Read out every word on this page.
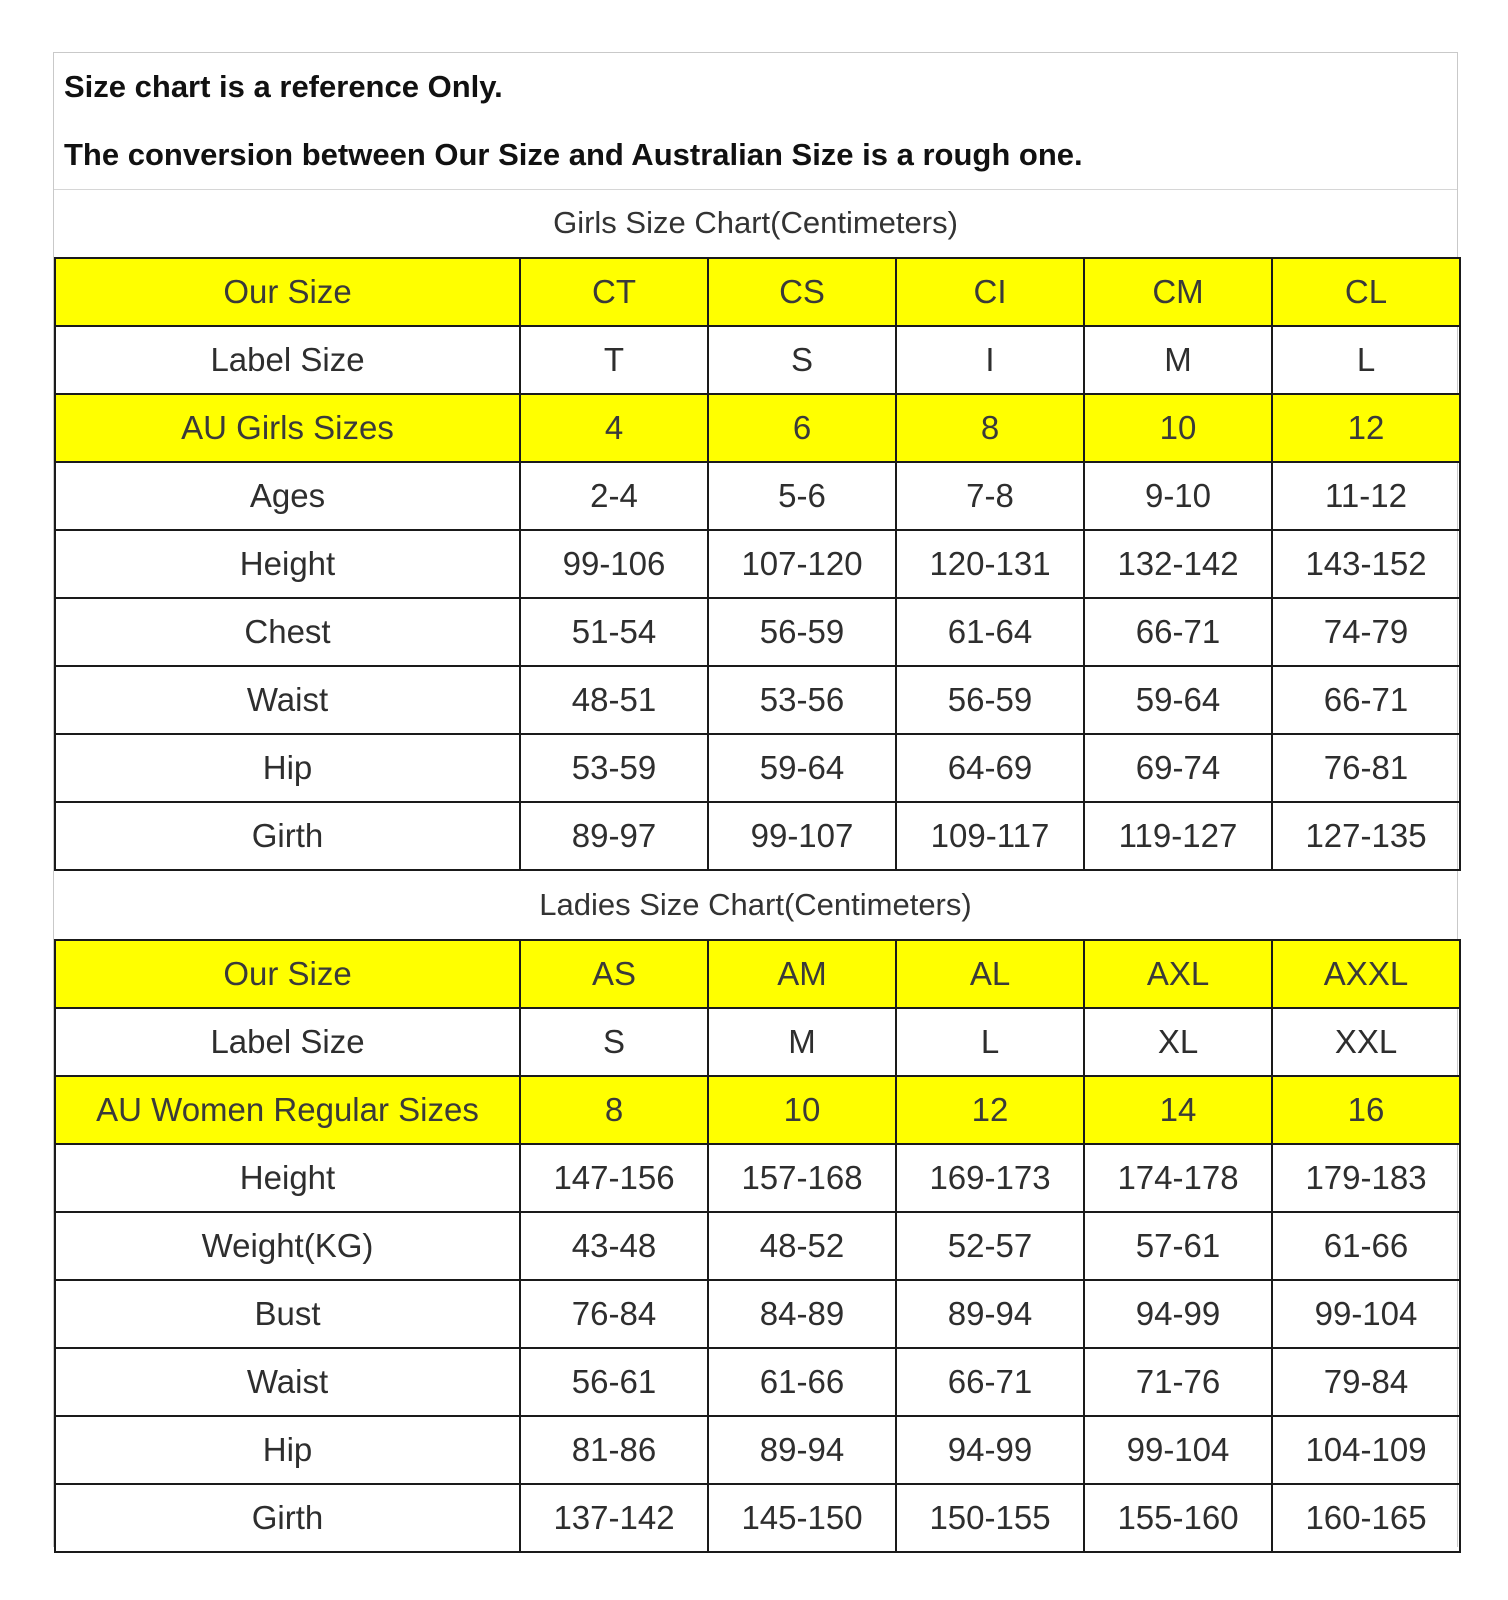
Size chart is a reference Only.
The conversion between Our Size and Australian Size is a rough one.
Girls Size Chart(Centimeters)
Our Size	CT	CS	CI	CM	CL
Label Size	T	S	I	M	L
AU Girls Sizes	4	6	8	10	12
Ages	2-4	5-6	7-8	9-10	11-12
Height	99-106	107-120	120-131	132-142	143-152
Chest	51-54	56-59	61-64	66-71	74-79
Waist	48-51	53-56	56-59	59-64	66-71
Hip	53-59	59-64	64-69	69-74	76-81
Girth	89-97	99-107	109-117	119-127	127-135
Ladies Size Chart(Centimeters)
Our Size	AS	AM	AL	AXL	AXXL
Label Size	S	M	L	XL	XXL
AU Women Regular Sizes	8	10	12	14	16
Height	147-156	157-168	169-173	174-178	179-183
Weight(KG)	43-48	48-52	52-57	57-61	61-66
Bust	76-84	84-89	89-94	94-99	99-104
Waist	56-61	61-66	66-71	71-76	79-84
Hip	81-86	89-94	94-99	99-104	104-109
Girth	137-142	145-150	150-155	155-160	160-165
